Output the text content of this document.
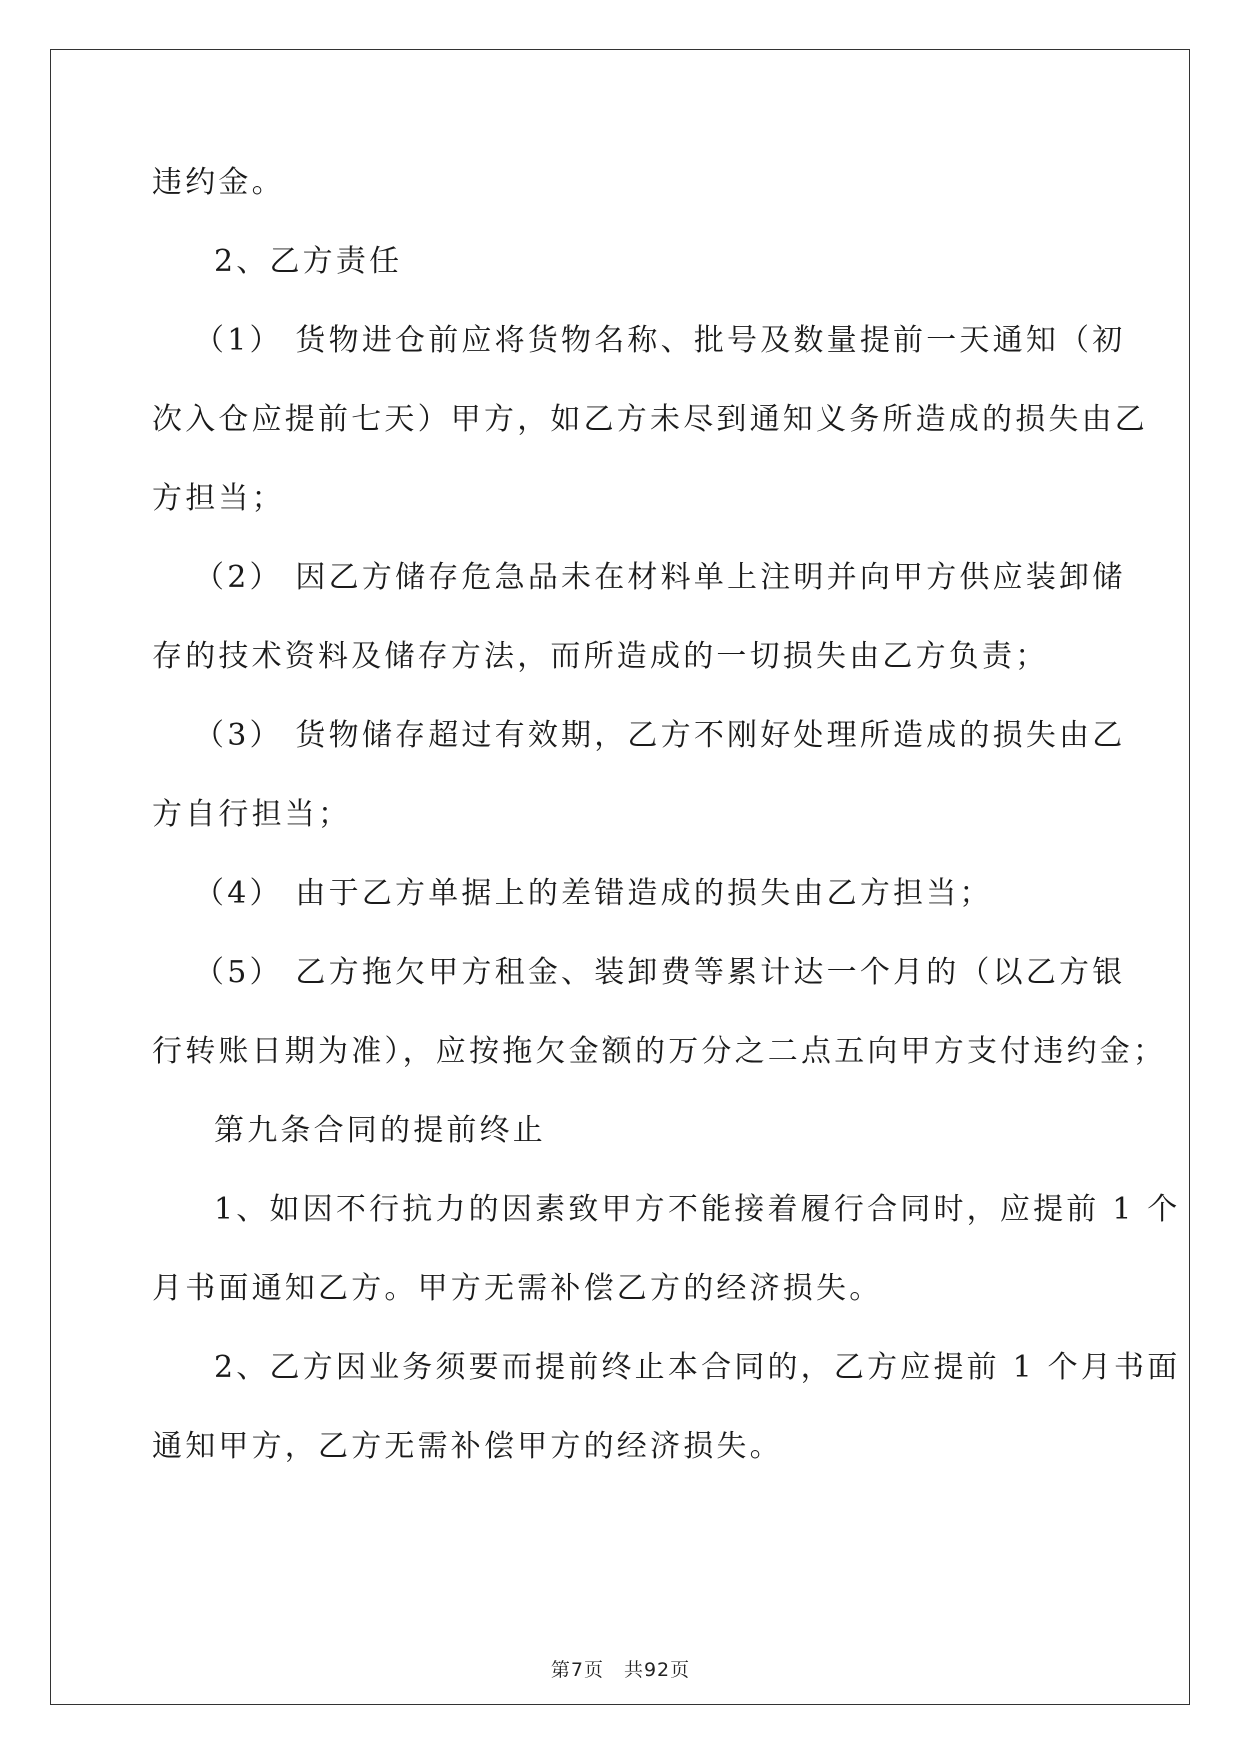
违约金。
2、乙方责任
（1） 货物进仓前应将货物名称、批号及数量提前一天通知（初
次入仓应提前七天）甲方，如乙方未尽到通知义务所造成的损失由乙
方担当；
（2） 因乙方储存危急品未在材料单上注明并向甲方供应装卸储
存的技术资料及储存方法，而所造成的一切损失由乙方负责；
（3） 货物储存超过有效期，乙方不刚好处理所造成的损失由乙
方自行担当；
（4） 由于乙方单据上的差错造成的损失由乙方担当；
（5） 乙方拖欠甲方租金、装卸费等累计达一个月的（以乙方银
行转账日期为准），应按拖欠金额的万分之二点五向甲方支付违约金；
第九条合同的提前终止
1、如因不行抗力的因素致甲方不能接着履行合同时，应提前 1 个
月书面通知乙方。甲方无需补偿乙方的经济损失。
2、乙方因业务须要而提前终止本合同的，乙方应提前 1 个月书面
通知甲方，乙方无需补偿甲方的经济损失。
第7页 共92页
